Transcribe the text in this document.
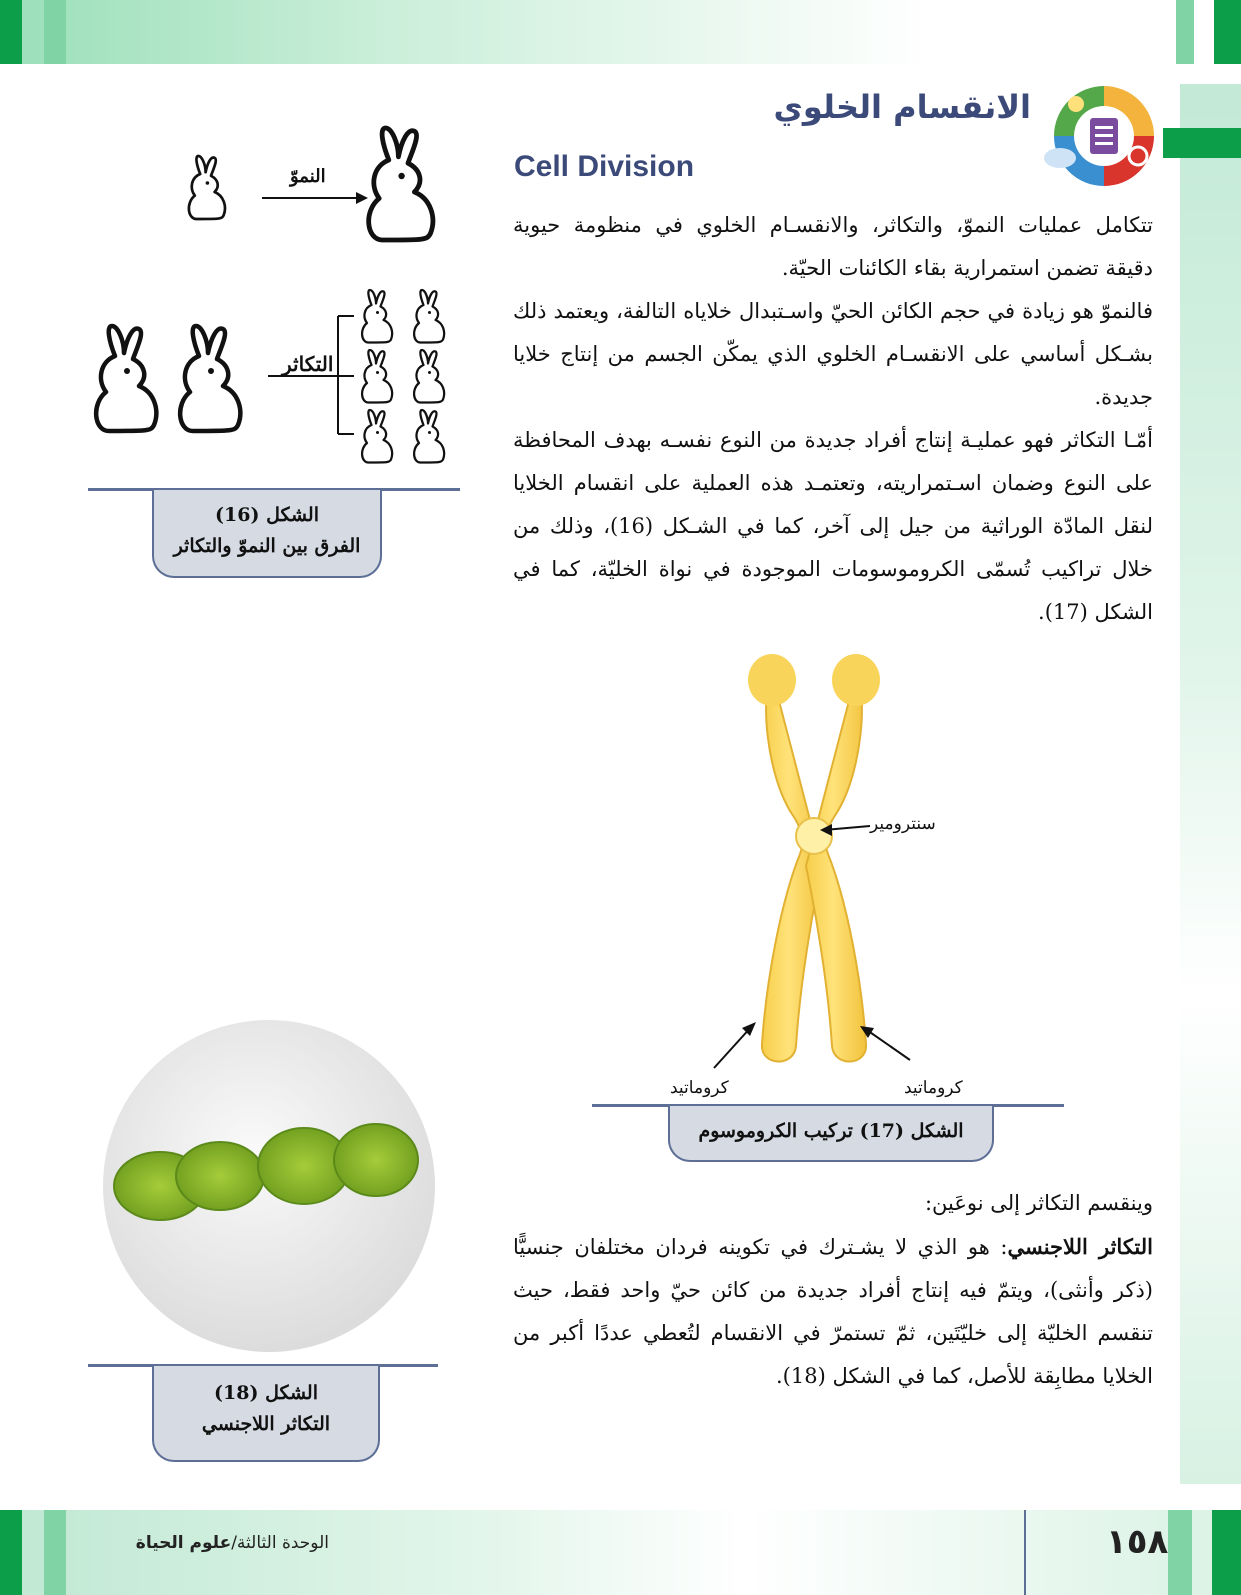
الانقسام الخلوي
Cell Division

تتكامل عمليات النموّ، والتكاثر، والانقسـام الخلوي في منظومة حيوية دقيقة تضمن استمرارية بقاء الكائنات الحيّة.

فالنموّ هو زيادة في حجم الكائن الحيّ واسـتبدال خلاياه التالفة، ويعتمد ذلك بشـكل أساسي على الانقسـام الخلوي الذي يمكّن الجسم من إنتاج خلايا جديدة.

أمّـا التكاثر فهو عمليـة إنتاج أفراد جديدة من النوع نفسـه بهدف المحافظة على النوع وضمان اسـتمراريته، وتعتمـد هذه العملية على انقسام الخلايا لنقل المادّة الوراثية من جيل إلى آخر، كما في الشـكل (16)، وذلك من خلال تراكيب تُسمّى الكروموسومات الموجودة في نواة الخليّة، كما في الشكل (17).

النموّ
التكاثر
الشكل (16)
الفرق بين النموّ والتكاثر
سنترومير
كروماتيد	كروماتيد
الشكل (17) تركيب الكروموسوم

وينقسم التكاثر إلى نوعَين:

التكاثر اللاجنسي: هو الذي لا يشـترك في تكوينه فردان مختلفان جنسيًّا (ذكر وأنثى)، ويتمّ فيه إنتاج أفراد جديدة من كائن حيّ واحد فقط، حيث تنقسم الخليّة إلى خليّتَين، ثمّ تستمرّ في الانقسام لتُعطي عددًا أكبر من الخلايا مطابِقة للأصل، كما في الشكل (18).

الشكل (18)
التكاثر اللاجنسي
الوحدة الثالثة/علوم الحياة	١٥٨
